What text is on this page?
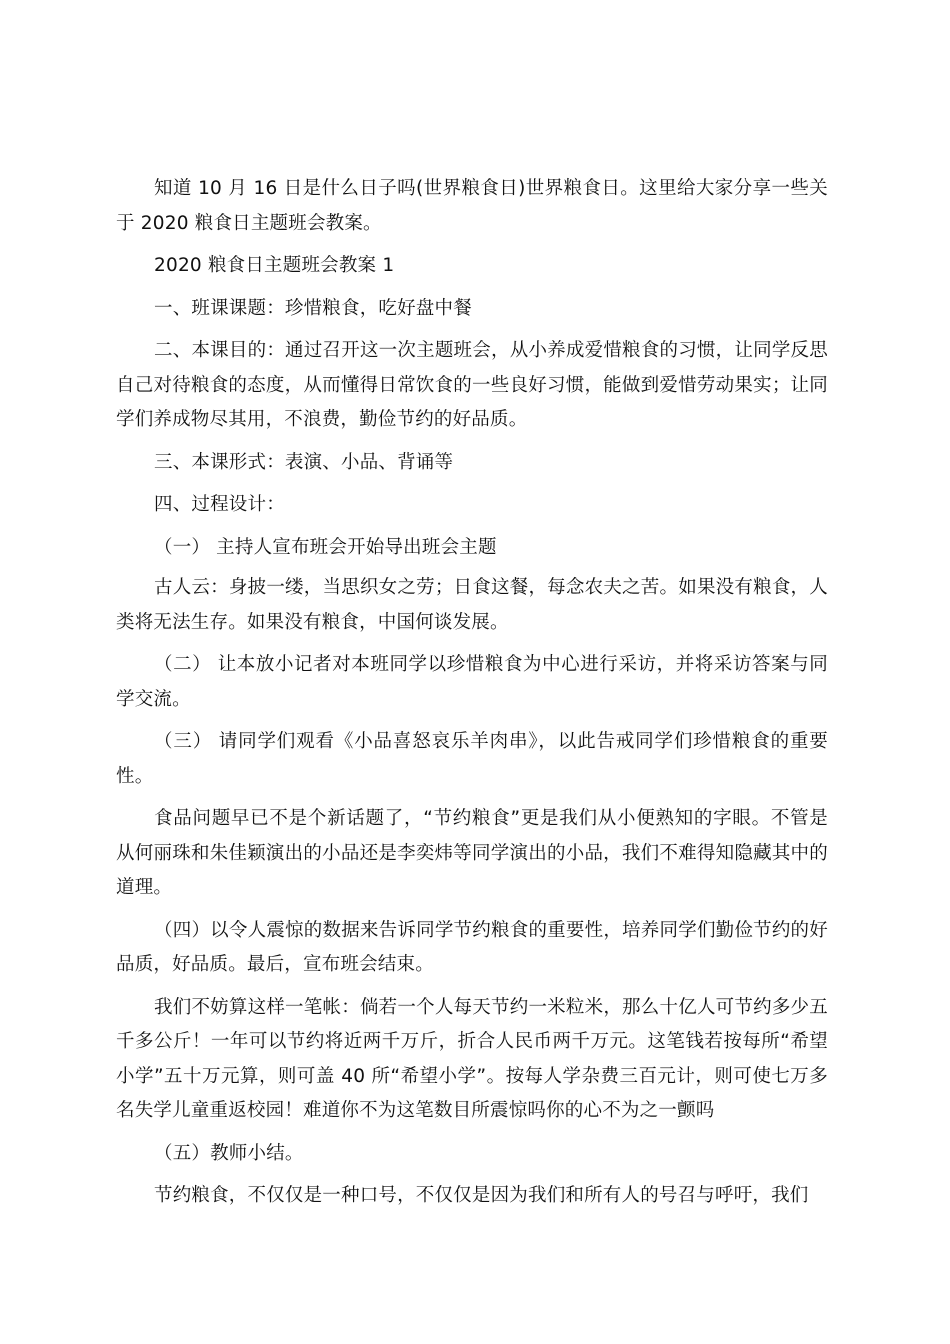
知道 10 月 16 日是什么日子吗(世界粮食日)世界粮食日。这里给大家分享一些关于 2020 粮食日主题班会教案。

2020 粮食日主题班会教案 1

一、班课课题：珍惜粮食，吃好盘中餐

二、本课目的：通过召开这一次主题班会，从小养成爱惜粮食的习惯，让同学反思自己对待粮食的态度，从而懂得日常饮食的一些良好习惯，能做到爱惜劳动果实；让同学们养成物尽其用，不浪费，勤俭节约的好品质。

三、本课形式：表演、小品、背诵等

四、过程设计：

（一） 主持人宣布班会开始导出班会主题

古人云：身披一缕，当思织女之劳；日食这餐，每念农夫之苦。如果没有粮食，人类将无法生存。如果没有粮食，中国何谈发展。

（二） 让本放小记者对本班同学以珍惜粮食为中心进行采访，并将采访答案与同学交流。

（三） 请同学们观看《小品喜怒哀乐羊肉串》，以此告戒同学们珍惜粮食的重要性。

食品问题早已不是个新话题了，“节约粮食”更是我们从小便熟知的字眼。不管是从何丽珠和朱佳颖演出的小品还是李奕炜等同学演出的小品，我们不难得知隐藏其中的道理。

（四）以令人震惊的数据来告诉同学节约粮食的重要性，培养同学们勤俭节约的好品质，好品质。最后，宣布班会结束。

我们不妨算这样一笔帐：倘若一个人每天节约一米粒米，那么十亿人可节约多少五千多公斤！一年可以节约将近两千万斤，折合人民币两千万元。这笔钱若按每所“希望小学”五十万元算，则可盖 40 所“希望小学”。按每人学杂费三百元计，则可使七万多名失学儿童重返校园！难道你不为这笔数目所震惊吗你的心不为之一颤吗

（五）教师小结。

节约粮食，不仅仅是一种口号，不仅仅是因为我们和所有人的号召与呼吁，我们
